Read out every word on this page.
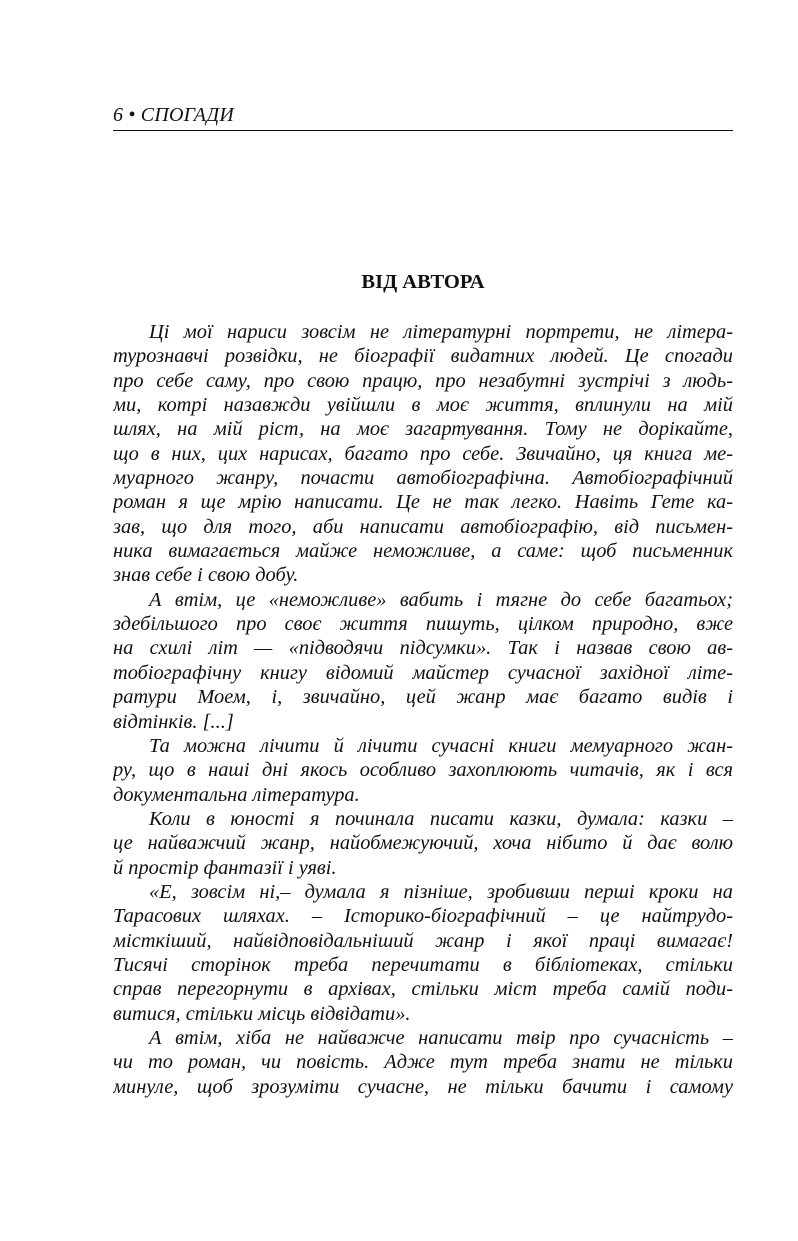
6 • СПОГАДИ
ВІД АВТОРА
Ці мої нариси зовсім не літературні портрети, не літера-
турознавчі розвідки, не біографії видатних людей. Це спогади
про себе саму, про свою працю, про незабутні зустрічі з людь-
ми, котрі назавжди увійшли в моє життя, вплинули на мій
шлях, на мій ріст, на моє загартування. Тому не дорікайте,
що в них, цих нарисах, багато про себе. Звичайно, ця книга ме-
муарного жанру, почасти автобіографічна. Автобіографічний
роман я ще мрію написати. Це не так легко. Навіть Гете ка-
зав, що для того, аби написати автобіографію, від письмен-
ника вимагається майже неможливе, а саме: щоб письменник
знав себе і свою добу.
А втім, це «неможливе» вабить і тягне до себе багатьох;
здебільшого про своє життя пишуть, цілком природно, вже
на схилі літ — «підводячи підсумки». Так і назвав свою ав-
тобіографічну книгу відомий майстер сучасної західної літе-
ратури Моем, і, звичайно, цей жанр має багато видів і
відтінків. [...]
Та можна лічити й лічити сучасні книги мемуарного жан-
ру, що в наші дні якось особливо захоплюють читачів, як і вся
документальна література.
Коли в юності я починала писати казки, думала: казки –
це найважчий жанр, найобмежуючий, хоча нібито й дає волю
й простір фантазії і уяві.
«Е, зовсім ні,– думала я пізніше, зробивши перші кроки на
Тарасових шляхах. – Історико-біографічний – це найтрудо-
місткіший, найвідповідальніший жанр і якої праці вимагає!
Тисячі сторінок треба перечитати в бібліотеках, стільки
справ перегорнути в архівах, стільки міст треба самій поди-
витися, стільки місць відвідати».
А втім, хіба не найважче написати твір про сучасність –
чи то роман, чи повість. Адже тут треба знати не тільки
минуле, щоб зрозуміти сучасне, не тільки бачити і самому
